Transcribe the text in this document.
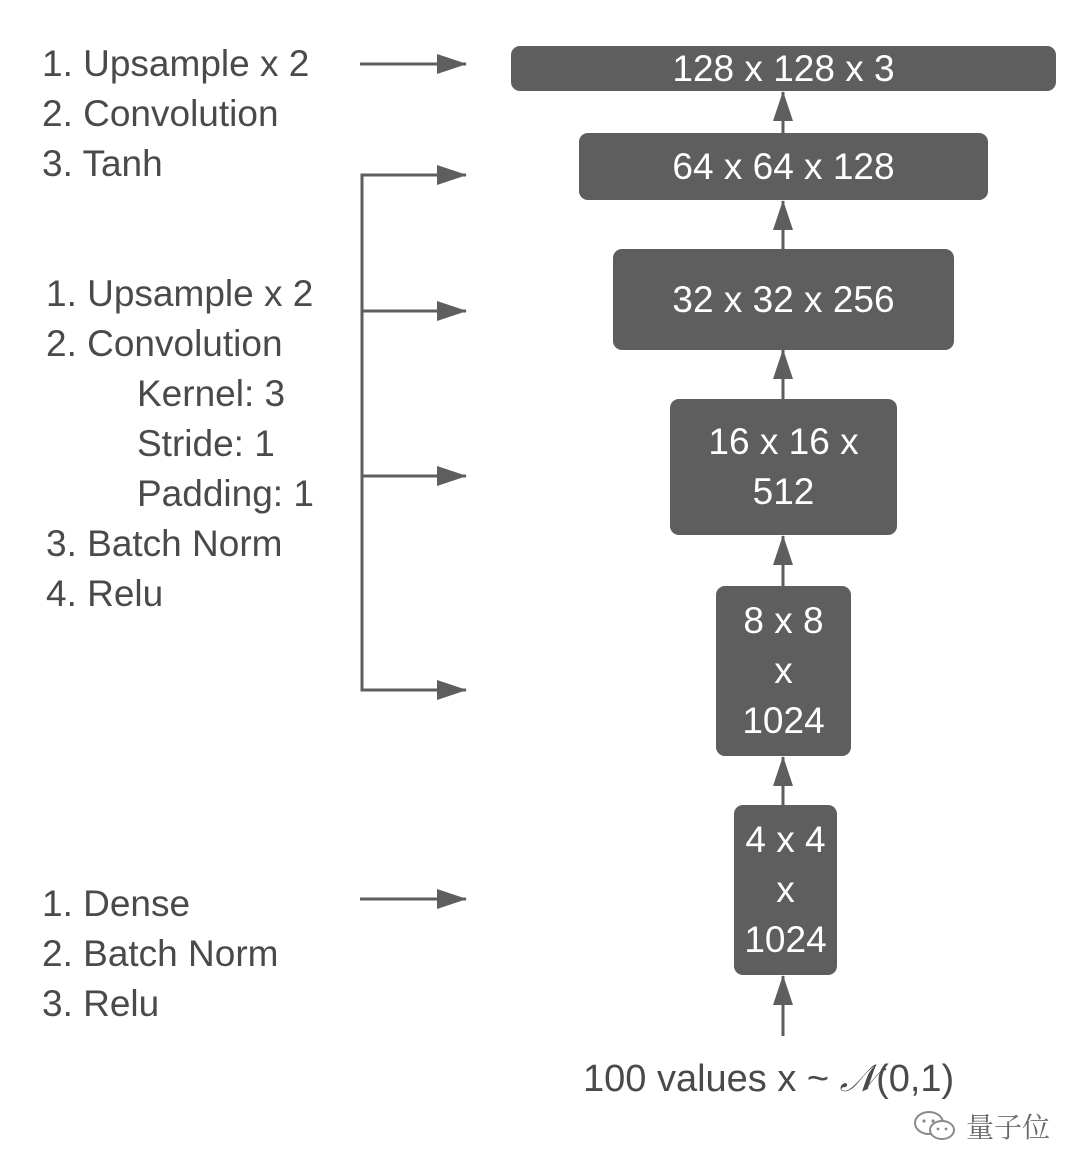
128 x 128 x 3
64 x 64 x 128
32 x 32 x 256
16 x 16 x
512
8 x 8
x
1024
4 x 4
x
1024
1. Upsample x 2
2. Convolution
3. Tanh
1. Upsample x 2
2. Convolution
Kernel: 3
Stride: 1
Padding: 1
3. Batch Norm
4. Relu
1. Dense
2. Batch Norm
3. Relu
100 values x ~ 𝒩(0,1)
量子位
